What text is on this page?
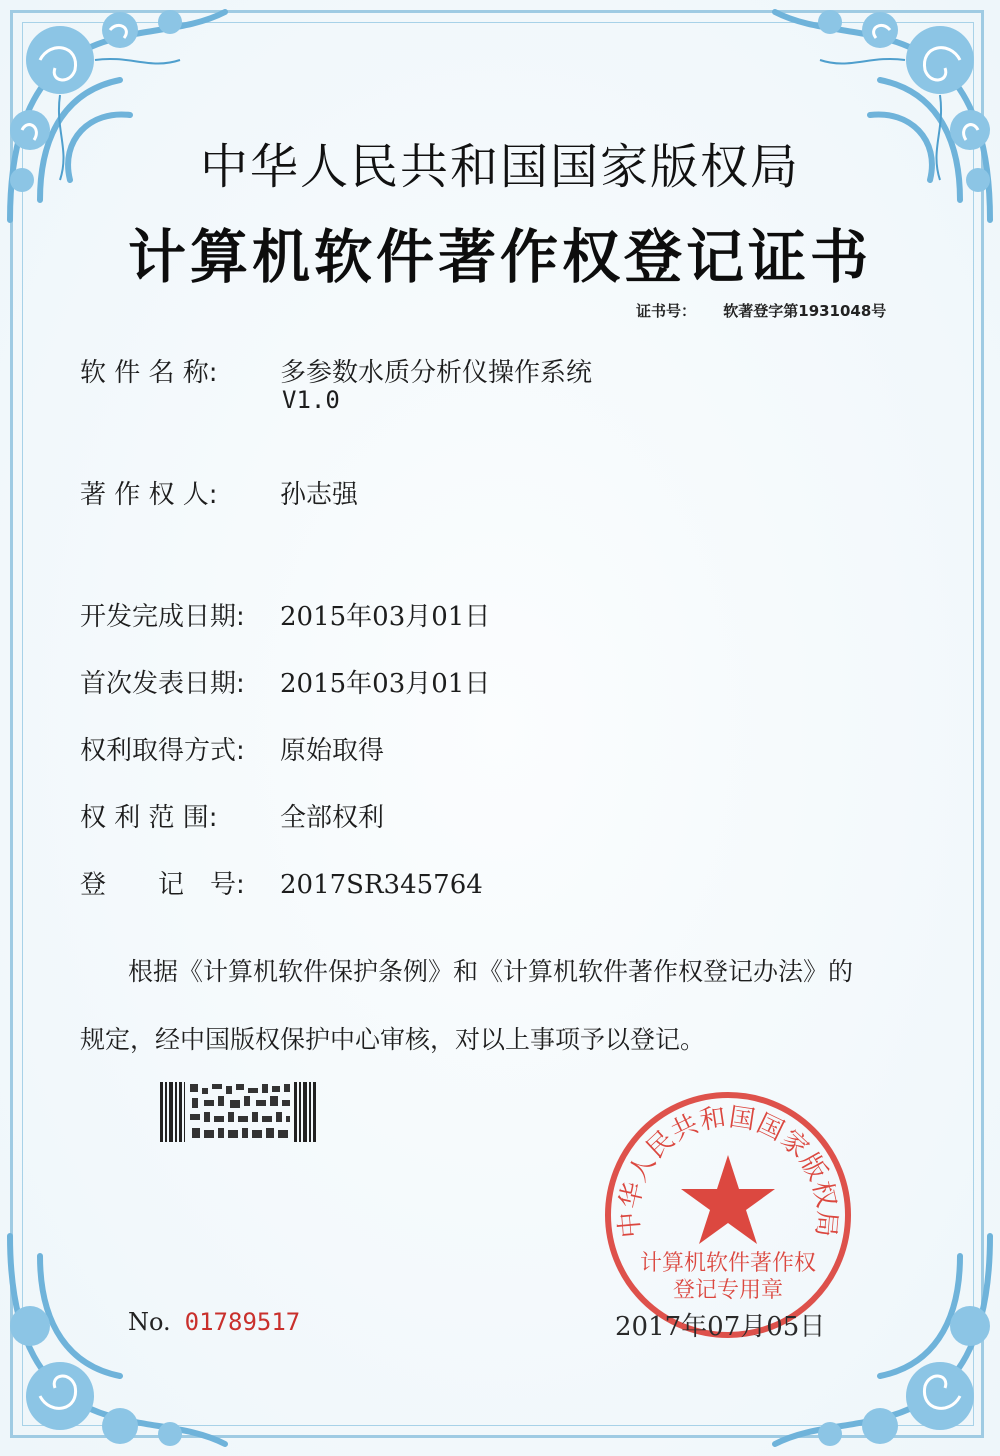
中华人民共和国国家版权局
计算机软件著作权登记证书
证书号： 软著登字第1931048号
软 件 名 称: 多参数水质分析仪操作系统
V1.0
著 作 权 人: 孙志强
开发完成日期: 2015年03月01日
首次发表日期: 2015年03月01日
权利取得方式: 原始取得
权 利 范 围: 全部权利
登　　记　号: 2017SR345764
根据《计算机软件保护条例》和《计算机软件著作权登记办法》的
规定，经中国版权保护中心审核，对以上事项予以登记。
No. 01789517
中华人民共和国国家版权局
计算机软件著作权
登记专用章
2017年07月05日
